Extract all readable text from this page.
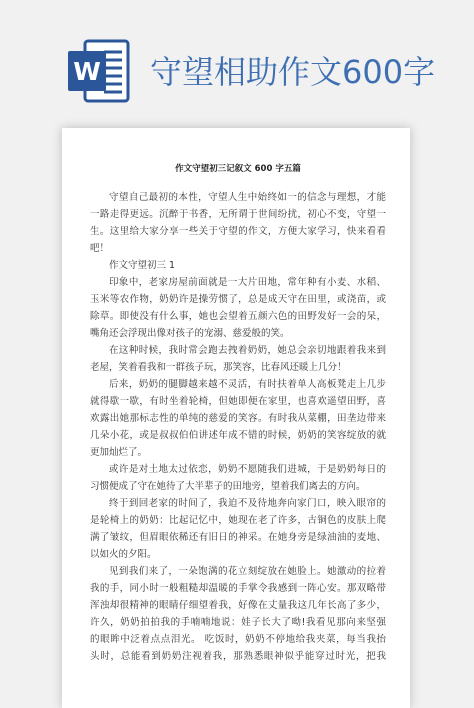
W 守望相助作文600字
作文守望初三记叙文 600 字五篇
守望自己最初的本性，守望人生中始终如一的信念与理想，才能
一路走得更远。沉醉于书香，无所谓于世间纷扰，初心不变，守望一
生。这里给大家分享一些关于守望的作文，方便大家学习，快来看看
吧！
作文守望初三 1
印象中，老家房屋前面就是一大片田地，常年种有小麦、水稻、
玉米等农作物，奶奶许是操劳惯了，总是成天守在田里，或浇苗，或
除草。即使没有什么事，她也会望着五颜六色的田野发好一会的呆，
嘴角还会浮现出像对孩子的宠溺、慈爱般的笑。
在这种时候，我时常会跑去拽着奶奶，她总会亲切地跟着我来到
老屋，笑着看我和一群孩子玩，那笑容，比春风还暖上几分！
后来，奶奶的腿脚越来越不灵活，有时扶着单人高板凳走上几步
就得歇一歇，有时坐着轮椅，但她即便在家里，也喜欢遥望田野，喜
欢露出她那标志性的单纯的慈爱的笑容。有时我从菜棚，田垄边带来
几朵小花，或是叔叔伯伯讲述年成不错的时候，奶奶的笑容绽放的就
更加灿烂了。
或许是对土地太过依恋，奶奶不愿随我们进城，于是奶奶每日的
习惯便成了守在她待了大半辈子的田地旁，望着我们离去的方向。
终于到回老家的时间了，我迫不及待地奔向家门口，映入眼帘的
是轮椅上的奶奶：比起记忆中，她现在老了许多，古铜色的皮肤上爬
满了皱纹，但眉眼依稀还有旧日的神采。在她身旁是绿油油的麦地、
以如火的夕阳。
见到我们来了，一朵饱满的花立刻绽放在她脸上。她激动的拉着
我的手，同小时一般粗糙却温暖的手掌令我感到一阵心安。那双略带
浑浊却很精神的眼睛仔细望着我，好像在丈量我这几年长高了多少，
许久，奶奶拍拍我的手喃喃地说：娃子长大了呦!我看见那向来坚强
的眼眸中泛着点点泪光。 吃饭时，奶奶不停地给我夹菜，每当我抬
头时，总能看到奶奶注视着我，那熟悉眼神似乎能穿过时光，把我
